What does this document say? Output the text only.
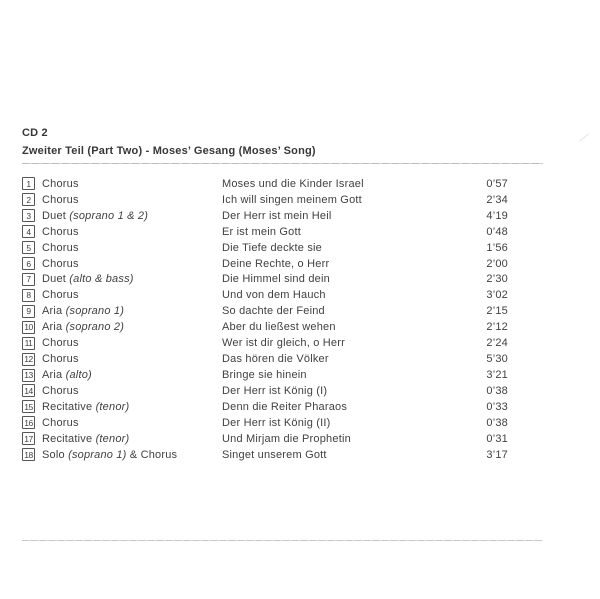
CD 2
Zweiter Teil (Part Two) - Moses’ Gesang (Moses’ Song)
1 Chorus	Moses und die Kinder Israel	0’57
2 Chorus	Ich will singen meinem Gott	2’34
3 Duet (soprano 1 & 2)	Der Herr ist mein Heil	4’19
4 Chorus	Er ist mein Gott	0’48
5 Chorus	Die Tiefe deckte sie	1’56
6 Chorus	Deine Rechte, o Herr	2’00
7 Duet (alto & bass)	Die Himmel sind dein	2’30
8 Chorus	Und von dem Hauch	3’02
9 Aria (soprano 1)	So dachte der Feind	2’15
10 Aria (soprano 2)	Aber du ließest wehen	2’12
11 Chorus	Wer ist dir gleich, o Herr	2’24
12 Chorus	Das hören die Völker	5’30
13 Aria (alto)	Bringe sie hinein	3’21
14 Chorus	Der Herr ist König (I)	0’38
15 Recitative (tenor)	Denn die Reiter Pharaos	0’33
16 Chorus	Der Herr ist König (II)	0’38
17 Recitative (tenor)	Und Mirjam die Prophetin	0’31
18 Solo (soprano 1) & Chorus	Singet unserem Gott	3’17
